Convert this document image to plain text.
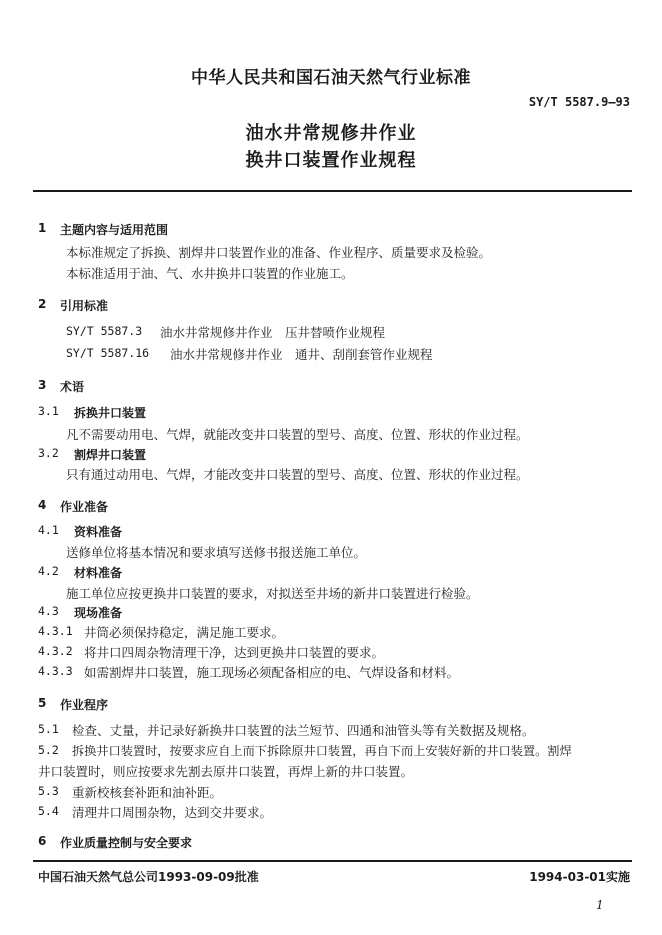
中华人民共和国石油天然气行业标准
SY/T 5587.9—93
油水井常规修井作业
换井口装置作业规程
1 主题内容与适用范围
本标准规定了拆换、割焊井口装置作业的准备、作业程序、质量要求及检验。
本标准适用于油、气、水井换井口装置的作业施工。
2 引用标准
SY/T 5587.3 油水井常规修井作业　压井替喷作业规程
SY/T 5587.16 油水井常规修井作业　通井、刮削套管作业规程
3 术语
3.1 拆换井口装置
凡不需要动用电、气焊，就能改变井口装置的型号、高度、位置、形状的作业过程。
3.2 割焊井口装置
只有通过动用电、气焊，才能改变井口装置的型号、高度、位置、形状的作业过程。
4 作业准备
4.1 资料准备
送修单位将基本情况和要求填写送修书报送施工单位。
4.2 材料准备
施工单位应按更换井口装置的要求，对拟送至井场的新井口装置进行检验。
4.3 现场准备
4.3.1 井筒必须保持稳定，满足施工要求。
4.3.2 将井口四周杂物清理干净，达到更换井口装置的要求。
4.3.3 如需割焊井口装置，施工现场必须配备相应的电、气焊设备和材料。
5 作业程序
5.1 检查、丈量，并记录好新换井口装置的法兰短节、四通和油管头等有关数据及规格。
5.2 拆换井口装置时，按要求应自上而下拆除原井口装置，再自下而上安装好新的井口装置。割焊
井口装置时，则应按要求先割去原井口装置，再焊上新的井口装置。
5.3 重新校核套补距和油补距。
5.4 清理井口周围杂物，达到交井要求。
6 作业质量控制与安全要求
中国石油天然气总公司1993-09-09批准	1994-03-01实施
1
